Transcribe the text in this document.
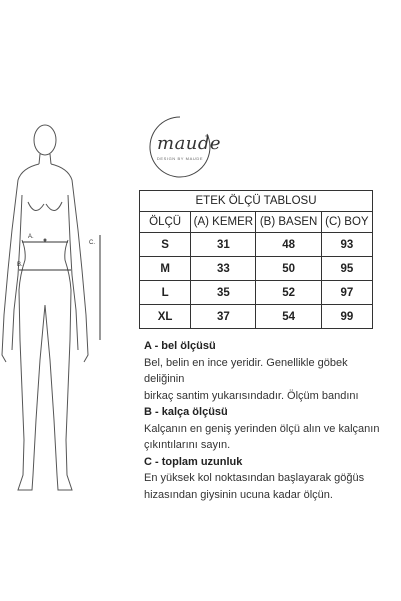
A.
B.
C.
maude
DESIGN BY MAUDE
ETEK ÖLÇÜ TABLOSU			
ÖLÇÜ	(A) KEMER	(B) BASEN	(C) BOY
S	31	48	93
M	33	50	95
L	35	52	97
XL	37	54	99
A - bel ölçüsü
Bel, belin en ince yeridir. Genellikle göbek deliğinin
birkaç santim yukarısındadır. Ölçüm bandını
B - kalça ölçüsü
Kalçanın en geniş yerinden ölçü alın ve kalçanın
çıkıntılarını sayın.
C - toplam uzunluk
En yüksek kol noktasından başlayarak göğüs
hizasından giysinin ucuna kadar ölçün.
